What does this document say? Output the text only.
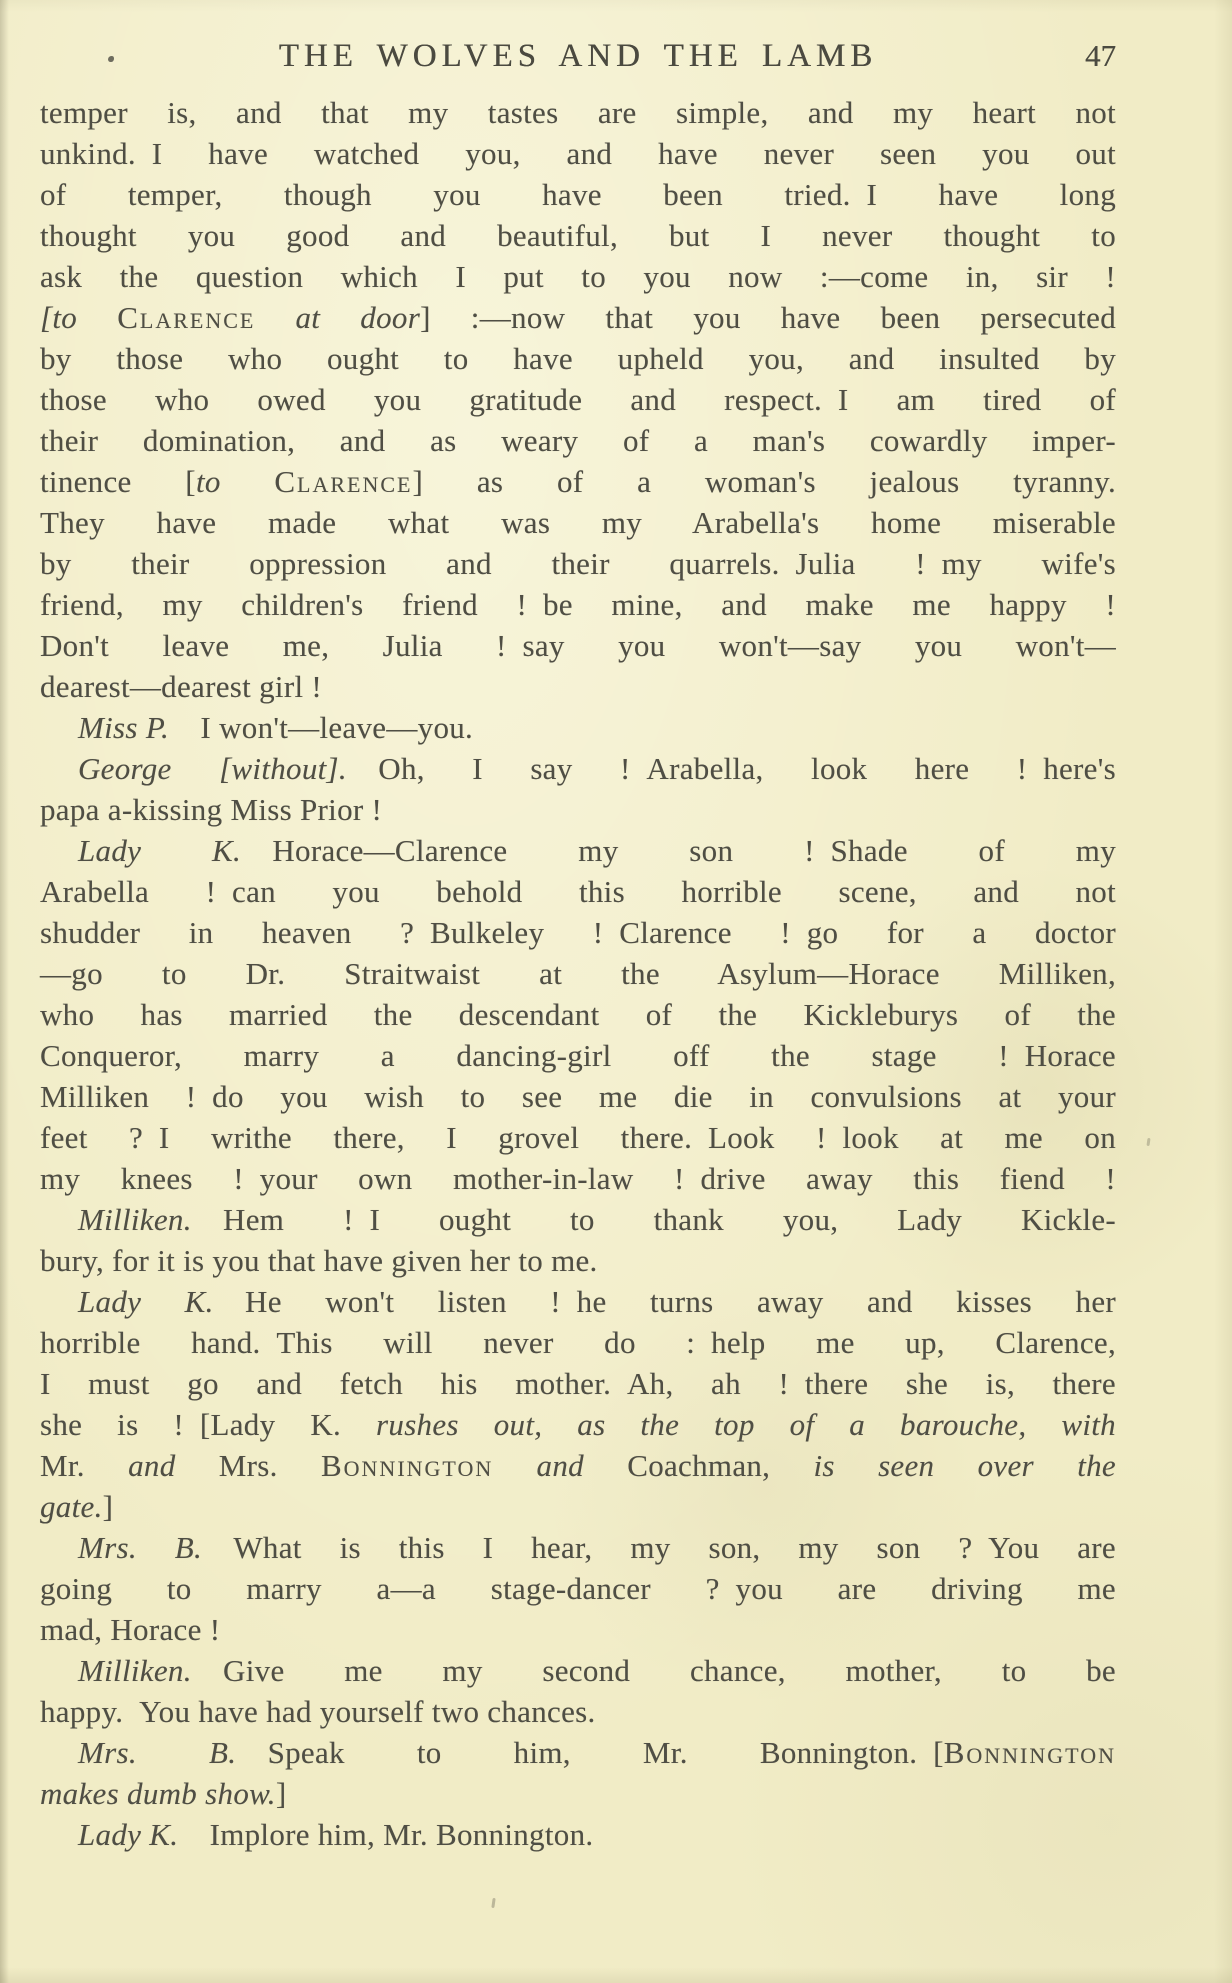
THE WOLVES AND THE LAMB	47
temper is, and that my tastes are simple, and my heart not
unkind. I have watched you, and have never seen you out
of temper, though you have been tried. I have long
thought you good and beautiful, but I never thought to
ask the question which I put to you now :—come in, sir !
[to Clarence at door] :—now that you have been persecuted
by those who ought to have upheld you, and insulted by
those who owed you gratitude and respect. I am tired of
their domination, and as weary of a man's cowardly imper-
tinence [to Clarence] as of a woman's jealous tyranny.
They have made what was my Arabella's home miserable
by their oppression and their quarrels. Julia ! my wife's
friend, my children's friend ! be mine, and make me happy !
Don't leave me, Julia ! say you won't—say you won't—
dearest—dearest girl !
Miss P. I won't—leave—you.
George [without]. Oh, I say ! Arabella, look here ! here's
papa a-kissing Miss Prior !
Lady K. Horace—Clarence my son ! Shade of my
Arabella ! can you behold this horrible scene, and not
shudder in heaven ? Bulkeley ! Clarence ! go for a doctor
—go to Dr. Straitwaist at the Asylum—Horace Milliken,
who has married the descendant of the Kickleburys of the
Conqueror, marry a dancing-girl off the stage ! Horace
Milliken ! do you wish to see me die in convulsions at your
feet ? I writhe there, I grovel there. Look ! look at me on
my knees ! your own mother-in-law ! drive away this fiend !
Milliken. Hem ! I ought to thank you, Lady Kickle-
bury, for it is you that have given her to me.
Lady K. He won't listen ! he turns away and kisses her
horrible hand. This will never do : help me up, Clarence,
I must go and fetch his mother. Ah, ah ! there she is, there
she is ! [Lady K. rushes out, as the top of a barouche, with
Mr. and Mrs. Bonnington and Coachman, is seen over the
gate.]
Mrs. B. What is this I hear, my son, my son ? You are
going to marry a—a stage-dancer ? you are driving me
mad, Horace !
Milliken. Give me my second chance, mother, to be
happy. You have had yourself two chances.
Mrs. B. Speak to him, Mr. Bonnington. [Bonnington
makes dumb show.]
Lady K. Implore him, Mr. Bonnington.
